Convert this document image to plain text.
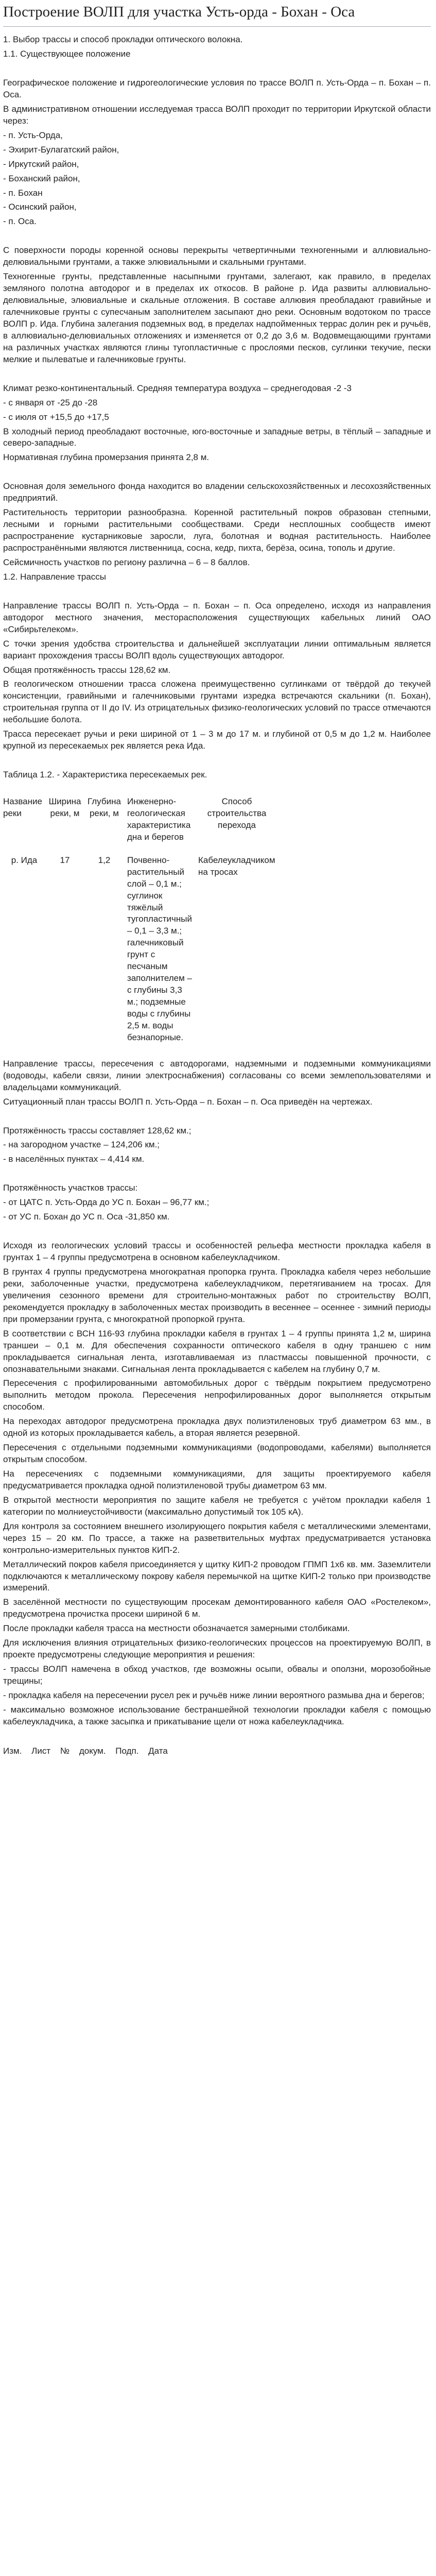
Построение ВОЛП для участка Усть-орда - Бохан - Оса

1. Выбор трассы и способ прокладки оптического волокна.

1.1. Существующее положение

Географическое положение и гидрогеологические условия по трассе ВОЛП п. Усть-Орда – п. Бохан – п. Оса.

В административном отношении исследуемая трасса ВОЛП проходит по территории Иркутской области через:

- п. Усть-Орда,

- Эхирит-Булагатский район,

- Иркутский район,

- Боханский район,

- п. Бохан

- Осинский район,

- п. Оса.

С поверхности породы коренной основы перекрыты четвертичными техногенными и аллювиально-делювиальными грунтами, а также элювиальными и скальными грунтами.

Техногенные грунты, представленные насыпными грунтами, залегают, как правило, в пределах земляного полотна автодорог и в пределах их откосов. В районе р. Ида развиты аллювиально-делювиальные, элювиальные и скальные отложения. В составе аллювия преобладают гравийные и галечниковые грунты с супесчаным заполнителем засыпают дно реки. Основным водотоком по трассе ВОЛП р. Ида. Глубина залегания подземных вод, в пределах надпойменных террас долин рек и ручьёв, в аллювиально-делювиальных отложениях и изменяется от 0,2 до 3,6 м. Водовмещающими грунтами на различных участках являются глины тугопластичные с прослоями песков, суглинки текучие, пески мелкие и пылеватые и галечниковые грунты.

Климат резко-континентальный. Средняя температура воздуха – среднегодовая -2 -3

- с января от -25 до -28

- с июля от +15,5 до +17,5

В холодный период преобладают восточные, юго-восточные и западные ветры, в тёплый – западные и северо-западные.

Нормативная глубина промерзания принята 2,8 м.

Основная доля земельного фонда находится во владении сельскохозяйственных и лесохозяйственных предприятий.

Растительность территории разнообразна. Коренной растительный покров образован степными, лесными и горными растительными сообществами. Среди несплошных сообществ имеют распространение кустарниковые заросли, луга, болотная и водная растительность. Наиболее распространёнными являются лиственница, сосна, кедр, пихта, берёза, осина, тополь и другие.

Сейсмичность участков по региону различна – 6 – 8 баллов.

1.2. Направление трассы

Направление трассы ВОЛП п. Усть-Орда – п. Бохан – п. Оса определено, исходя из направления автодорог местного значения, месторасположения существующих кабельных линий ОАО «Сибирьтелеком».

С точки зрения удобства строительства и дальнейшей эксплуатации линии оптимальным является вариант прохождения трассы ВОЛП вдоль существующих автодорог.

Общая протяжённость трассы 128,62 км.

В геологическом отношении трасса сложена преимущественно суглинками от твёрдой до текучей консистенции, гравийными и галечниковыми грунтами изредка встречаются скальники (п. Бохан), строительная группа от II до IV. Из отрицательных физико-геологических условий по трассе отмечаются небольшие болота.

Трасса пересекает ручьи и реки шириной от 1 – 3 м до 17 м. и глубиной от 0,5 м до 1,2 м. Наиболее крупной из пересекаемых рек является река Ида.

Таблица 1.2. - Характеристика пересекаемых рек.

Название реки	Ширина реки, м	Глубина реки, м	Инженерно-геологическая характеристика дна и берегов	Способ строительства перехода
р. Ида	17	1,2	Почвенно-растительный слой – 0,1 м.; суглинок тяжёлый тугопластичный – 0,1 – 3,3 м.; галечниковый грунт с песчаным заполнителем – с глубины 3,3 м.; подземные воды с глубины 2,5 м. воды безнапорные.	Кабелеукладчиком на тросах

Направление трассы, пересечения с автодорогами, надземными и подземными коммуникациями (водоводы, кабели связи, линии электроснабжения) согласованы со всеми землепользователями и владельцами коммуникаций.

Ситуационный план трассы ВОЛП п. Усть-Орда – п. Бохан – п. Оса приведён на чертежах.

Протяжённость трассы составляет 128,62 км.;

- на загородном участке – 124,206 км.;

- в населённых пунктах – 4,414 км.

Протяжённость участков трассы:

- от ЦАТС п. Усть-Орда до УС п. Бохан – 96,77 км.;

- от УС п. Бохан до УС п. Оса -31,850 км.

Исходя из геологических условий трассы и особенностей рельефа местности прокладка кабеля в грунтах 1 – 4 группы предусмотрена в основном кабелеукладчиком.

В грунтах 4 группы предусмотрена многократная пропорка грунта. Прокладка кабеля через небольшие реки, заболоченные участки, предусмотрена кабелеукладчиком, перетягиванием на тросах. Для увеличения сезонного времени для строительно-монтажных работ по строительству ВОЛП, рекомендуется прокладку в заболоченных местах производить в весеннее – осеннее - зимний периоды при промерзании грунта, с многократной пропоркой грунта.

В соответствии с ВСН 116-93 глубина прокладки кабеля в грунтах 1 – 4 группы принята 1,2 м, ширина траншеи – 0,1 м. Для обеспечения сохранности оптического кабеля в одну траншею с ним прокладывается сигнальная лента, изготавливаемая из пластмассы повышенной прочности, с опознавательными знаками. Сигнальная лента прокладывается с кабелем на глубину 0,7 м.

Пересечения с профилированными автомобильных дорог с твёрдым покрытием предусмотрено выполнить методом прокола. Пересечения непрофилированных дорог выполняется открытым способом.

На переходах автодорог предусмотрена прокладка двух полиэтиленовых труб диаметром 63 мм., в одной из которых прокладывается кабель, а вторая является резервной.

Пересечения с отдельными подземными коммуникациями (водопроводами, кабелями) выполняется открытым способом.

На пересечениях с подземными коммуникациями, для защиты проектируемого кабеля предусматривается прокладка одной полиэтиленовой трубы диаметром 63 мм.

В открытой местности мероприятия по защите кабеля не требуется с учётом прокладки кабеля 1 категории по молниеустойчивости (максимально допустимый ток 105 кА).

Для контроля за состоянием внешнего изолирующего покрытия кабеля с металлическими элементами, через 15 – 20 км. По трассе, а также на разветвительных муфтах предусматривается установка контрольно-измерительных пунктов КИП-2.

Металлический покров кабеля присоединяется у щитку КИП-2 проводом ГПМП 1х6 кв. мм. Заземлители подключаются к металлическому покрову кабеля перемычкой на щитке КИП-2 только при производстве измерений.

В заселённой местности по существующим просекам демонтированного кабеля ОАО «Ростелеком», предусмотрена прочистка просеки шириной 6 м.

После прокладки кабеля трасса на местности обозначается замерными столбиками.

Для исключения влияния отрицательных физико-геологических процессов на проектируемую ВОЛП, в проекте предусмотрены следующие мероприятия и решения:

- трассы ВОЛП намечена в обход участков, где возможны осыпи, обвалы и оползни, морозобойные трещины;

- прокладка кабеля на пересечении русел рек и ручьёв ниже линии вероятного размыва дна и берегов;

- максимально возможное использование бестраншейной технологии прокладки кабеля с помощью кабелеукладчика, а также засыпка и прикатывание щели от ножа кабелеукладчика.

Изм. Лист № докум. Подп. Дата
